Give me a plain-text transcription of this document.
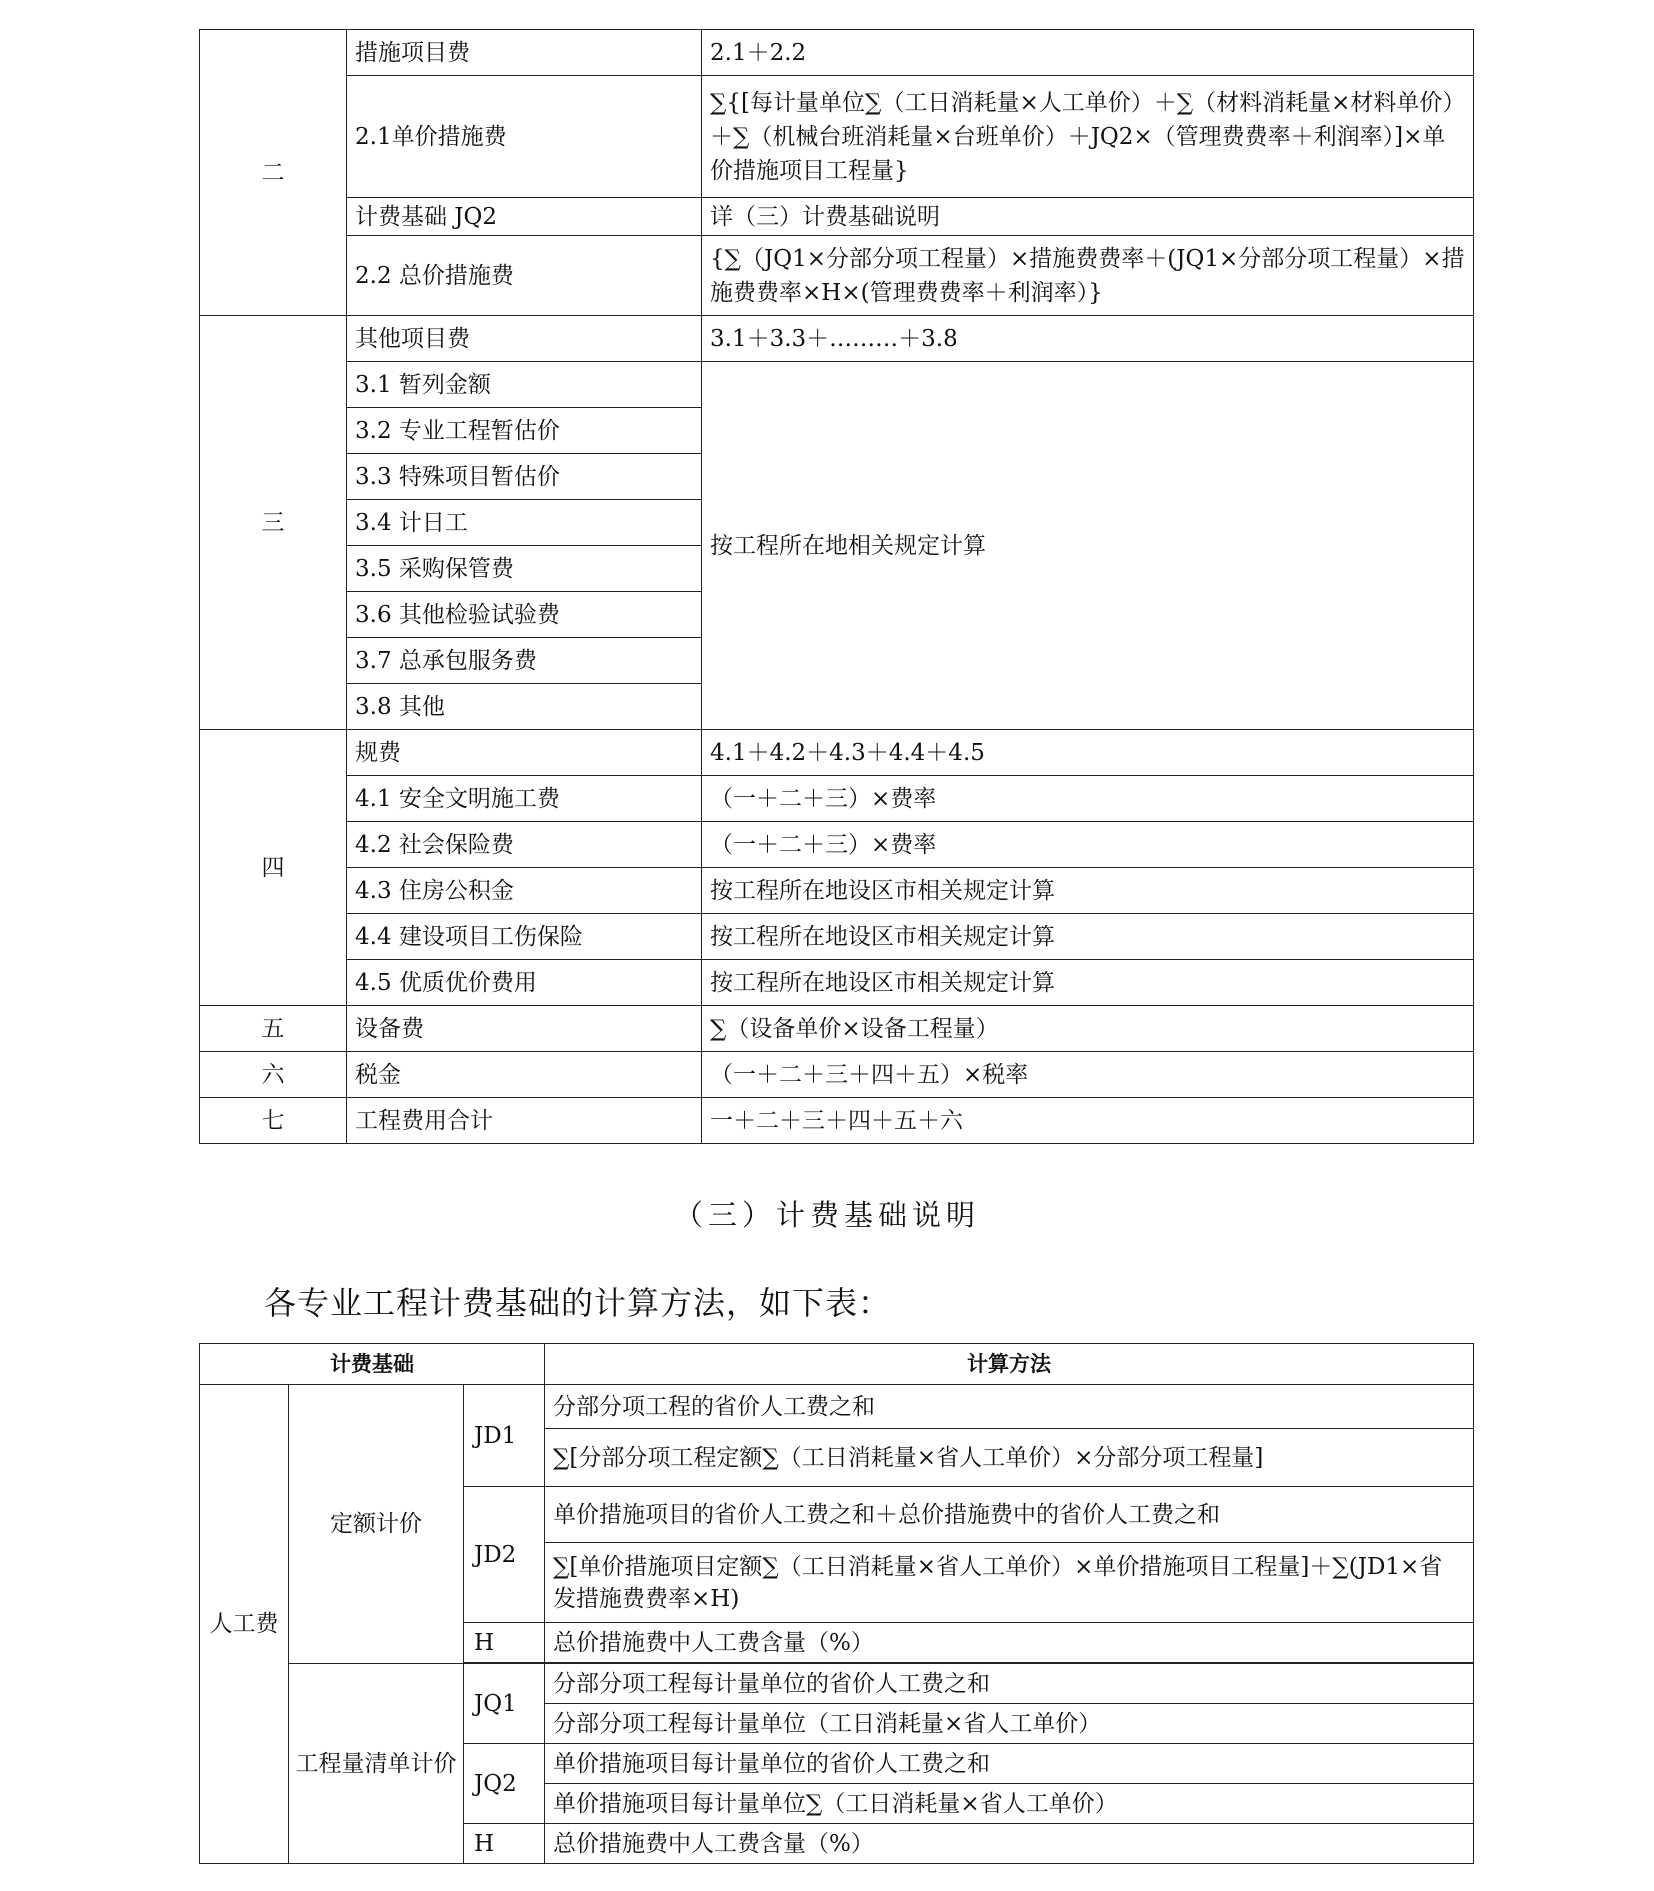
二	措施项目费	2.1＋2.2
	2.1单价措施费	∑{[每计量单位∑（工日消耗量×人工单价）＋∑（材料消耗量×材料单价）＋∑（机械台班消耗量×台班单价）＋JQ2×（管理费费率＋利润率）]×单价措施项目工程量}
	计费基础 JQ2	详（三）计费基础说明
	2.2 总价措施费	{∑（JQ1×分部分项工程量）×措施费费率＋(JQ1×分部分项工程量）×措施费费率×H×(管理费费率＋利润率）}
三	其他项目费	3.1＋3.3＋………＋3.8
	3.1 暂列金额	按工程所在地相关规定计算
	3.2 专业工程暂估价	
	3.3 特殊项目暂估价	
	3.4 计日工	
	3.5 采购保管费	
	3.6 其他检验试验费	
	3.7 总承包服务费	
	3.8 其他	
四	规费	4.1＋4.2＋4.3＋4.4＋4.5
	4.1 安全文明施工费	（一＋二＋三）×费率
	4.2 社会保险费	（一＋二＋三）×费率
	4.3 住房公积金	按工程所在地设区市相关规定计算
	4.4 建设项目工伤保险	按工程所在地设区市相关规定计算
	4.5 优质优价费用	按工程所在地设区市相关规定计算
五	设备费	∑（设备单价×设备工程量）
六	税金	（一＋二＋三＋四＋五）×税率
七	工程费用合计	一＋二＋三＋四＋五＋六
（三）计费基础说明
各专业工程计费基础的计算方法，如下表：
计费基础			计算方法
人工费	定额计价	JD1	分部分项工程的省价人工费之和
			∑[分部分项工程定额∑（工日消耗量×省人工单价）×分部分项工程量]
		JD2	单价措施项目的省价人工费之和＋总价措施费中的省价人工费之和
			∑[单价措施项目定额∑（工日消耗量×省人工单价）×单价措施项目工程量]＋∑(JD1×省发措施费费率×H)
		H	总价措施费中人工费含量（%）

	工程量清单计价	JQ1	分部分项工程每计量单位的省价人工费之和
			分部分项工程每计量单位（工日消耗量×省人工单价）
		JQ2	单价措施项目每计量单位的省价人工费之和
			单价措施项目每计量单位∑（工日消耗量×省人工单价）
		H	总价措施费中人工费含量（%）
